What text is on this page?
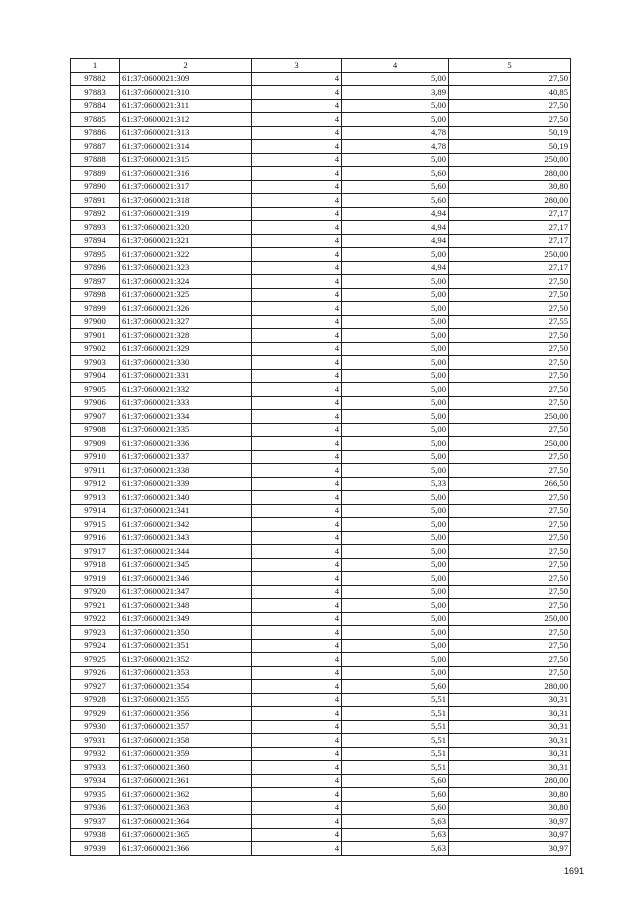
1	2	3	4	5
97882	61:37:0600021:309	4	5,00	27,50
97883	61:37:0600021:310	4	3,89	40,85
97884	61:37:0600021:311	4	5,00	27,50
97885	61:37:0600021:312	4	5,00	27,50
97886	61:37:0600021:313	4	4,78	50,19
97887	61:37:0600021:314	4	4,78	50,19
97888	61:37:0600021:315	4	5,00	250,00
97889	61:37:0600021:316	4	5,60	280,00
97890	61:37:0600021:317	4	5,60	30,80
97891	61:37:0600021:318	4	5,60	280,00
97892	61:37:0600021:319	4	4,94	27,17
97893	61:37:0600021:320	4	4,94	27,17
97894	61:37:0600021:321	4	4,94	27,17
97895	61:37:0600021:322	4	5,00	250,00
97896	61:37:0600021:323	4	4,94	27,17
97897	61:37:0600021:324	4	5,00	27,50
97898	61:37:0600021:325	4	5,00	27,50
97899	61:37:0600021:326	4	5,00	27,50
97900	61:37:0600021:327	4	5,00	27,55
97901	61:37:0600021:328	4	5,00	27,50
97902	61:37:0600021:329	4	5,00	27,50
97903	61:37:0600021:330	4	5,00	27,50
97904	61:37:0600021:331	4	5,00	27,50
97905	61:37:0600021:332	4	5,00	27,50
97906	61:37:0600021:333	4	5,00	27,50
97907	61:37:0600021:334	4	5,00	250,00
97908	61:37:0600021:335	4	5,00	27,50
97909	61:37:0600021:336	4	5,00	250,00
97910	61:37:0600021:337	4	5,00	27,50
97911	61:37:0600021:338	4	5,00	27,50
97912	61:37:0600021:339	4	5,33	266,50
97913	61:37:0600021:340	4	5,00	27,50
97914	61:37:0600021:341	4	5,00	27,50
97915	61:37:0600021:342	4	5,00	27,50
97916	61:37:0600021:343	4	5,00	27,50
97917	61:37:0600021:344	4	5,00	27,50
97918	61:37:0600021:345	4	5,00	27,50
97919	61:37:0600021:346	4	5,00	27,50
97920	61:37:0600021:347	4	5,00	27,50
97921	61:37:0600021:348	4	5,00	27,50
97922	61:37:0600021:349	4	5,00	250,00
97923	61:37:0600021:350	4	5,00	27,50
97924	61:37:0600021:351	4	5,00	27,50
97925	61:37:0600021:352	4	5,00	27,50
97926	61:37:0600021:353	4	5,00	27,50
97927	61:37:0600021:354	4	5,60	280,00
97928	61:37:0600021:355	4	5,51	30,31
97929	61:37:0600021:356	4	5,51	30,31
97930	61:37:0600021:357	4	5,51	30,31
97931	61:37:0600021:358	4	5,51	30,31
97932	61:37:0600021:359	4	5,51	30,31
97933	61:37:0600021:360	4	5,51	30,31
97934	61:37:0600021:361	4	5,60	280,00
97935	61:37:0600021:362	4	5,60	30,80
97936	61:37:0600021:363	4	5,60	30,80
97937	61:37:0600021:364	4	5,63	30,97
97938	61:37:0600021:365	4	5,63	30,97
97939	61:37:0600021:366	4	5,63	30,97
1691
